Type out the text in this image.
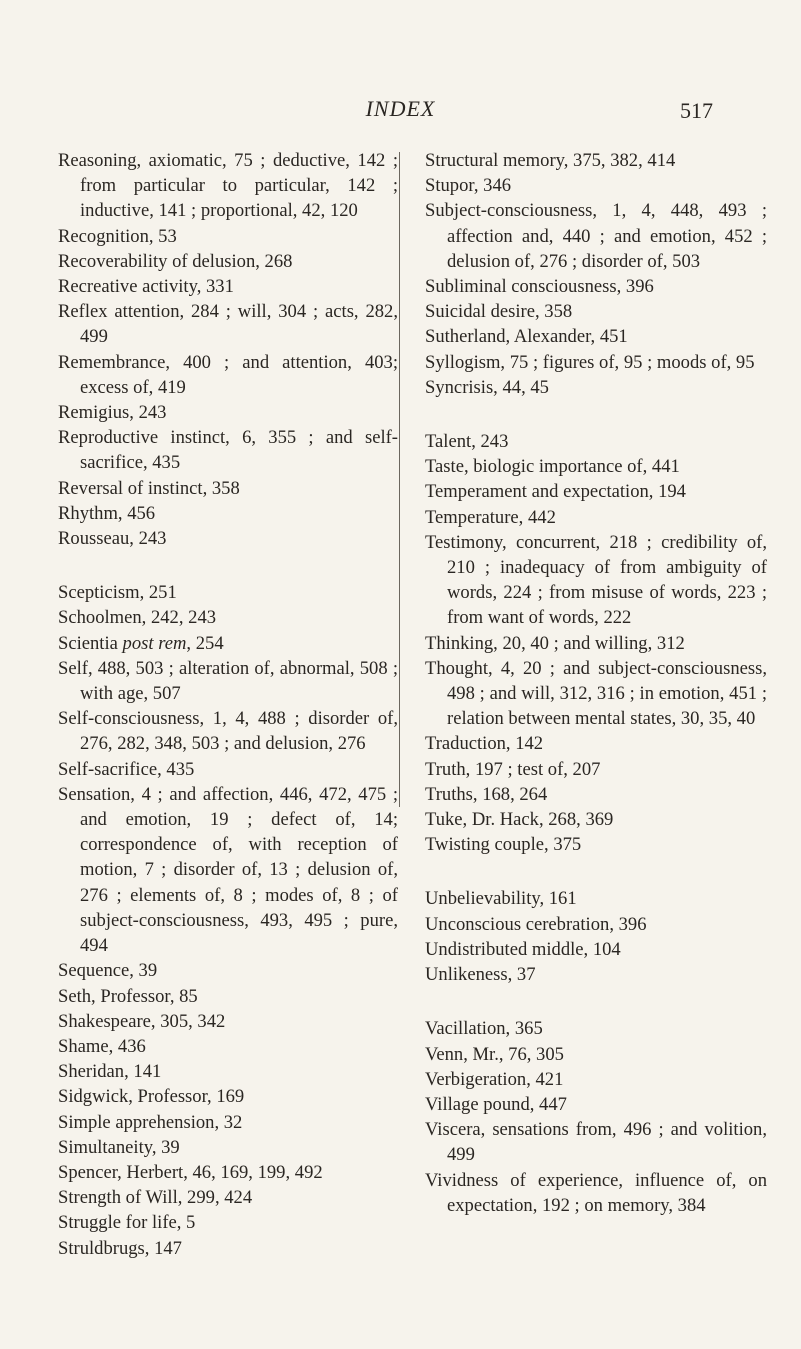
INDEX	517
Reasoning, axiomatic, 75 ; deductive, 142 ; from particular to particular, 142 ; inductive, 141 ; proportional, 42, 120
Recognition, 53
Recoverability of delusion, 268
Recreative activity, 331
Reflex attention, 284 ; will, 304 ; acts, 282, 499
Remembrance, 400 ; and attention, 403; excess of, 419
Remigius, 243
Reproductive instinct, 6, 355 ; and self-sacrifice, 435
Reversal of instinct, 358
Rhythm, 456
Rousseau, 243
Scepticism, 251
Schoolmen, 242, 243
Scientia post rem, 254
Self, 488, 503 ; alteration of, abnormal, 508 ; with age, 507
Self-consciousness, 1, 4, 488 ; disorder of, 276, 282, 348, 503 ; and delusion, 276
Self-sacrifice, 435
Sensation, 4 ; and affection, 446, 472, 475 ; and emotion, 19 ; defect of, 14; correspondence of, with reception of motion, 7 ; disorder of, 13 ; delusion of, 276 ; elements of, 8 ; modes of, 8 ; of subject-consciousness, 493, 495 ; pure, 494
Sequence, 39
Seth, Professor, 85
Shakespeare, 305, 342
Shame, 436
Sheridan, 141
Sidgwick, Professor, 169
Simple apprehension, 32
Simultaneity, 39
Spencer, Herbert, 46, 169, 199, 492
Strength of Will, 299, 424
Struggle for life, 5
Struldbrugs, 147
Structural memory, 375, 382, 414
Stupor, 346
Subject-consciousness, 1, 4, 448, 493 ; affection and, 440 ; and emotion, 452 ; delusion of, 276 ; disorder of, 503
Subliminal consciousness, 396
Suicidal desire, 358
Sutherland, Alexander, 451
Syllogism, 75 ; figures of, 95 ; moods of, 95
Syncrisis, 44, 45
Talent, 243
Taste, biologic importance of, 441
Temperament and expectation, 194
Temperature, 442
Testimony, concurrent, 218 ; credibility of, 210 ; inadequacy of from ambiguity of words, 224 ; from misuse of words, 223 ; from want of words, 222
Thinking, 20, 40 ; and willing, 312
Thought, 4, 20 ; and subject-consciousness, 498 ; and will, 312, 316 ; in emotion, 451 ; relation between mental states, 30, 35, 40
Traduction, 142
Truth, 197 ; test of, 207
Truths, 168, 264
Tuke, Dr. Hack, 268, 369
Twisting couple, 375
Unbelievability, 161
Unconscious cerebration, 396
Undistributed middle, 104
Unlikeness, 37
Vacillation, 365
Venn, Mr., 76, 305
Verbigeration, 421
Village pound, 447
Viscera, sensations from, 496 ; and volition, 499
Vividness of experience, influence of, on expectation, 192 ; on memory, 384
